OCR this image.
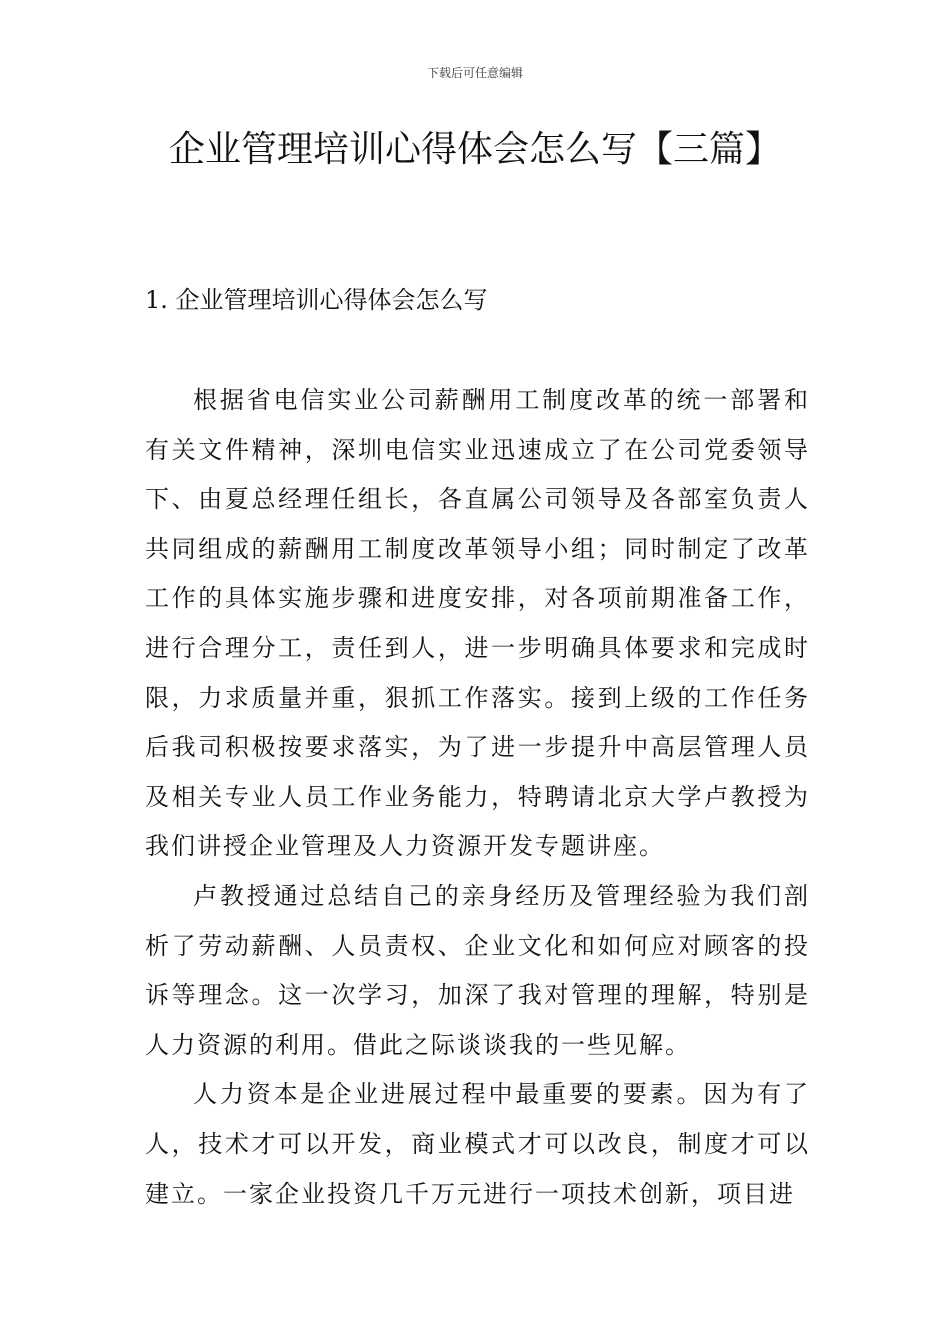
下载后可任意编辑
企业管理培训心得体会怎么写【三篇】
1. 企业管理培训心得体会怎么写

根据省电信实业公司薪酬用工制度改革的统一部署和有关文件精神，深圳电信实业迅速成立了在公司党委领导下、由夏总经理任组长，各直属公司领导及各部室负责人共同组成的薪酬用工制度改革领导小组；同时制定了改革工作的具体实施步骤和进度安排，对各项前期准备工作，进行合理分工，责任到人，进一步明确具体要求和完成时限，力求质量并重，狠抓工作落实。接到上级的工作任务后我司积极按要求落实，为了进一步提升中高层管理人员及相关专业人员工作业务能力，特聘请北京大学卢教授为我们讲授企业管理及人力资源开发专题讲座。

卢教授通过总结自己的亲身经历及管理经验为我们剖析了劳动薪酬、人员责权、企业文化和如何应对顾客的投诉等理念。这一次学习，加深了我对管理的理解，特别是人力资源的利用。借此之际谈谈我的一些见解。

人力资本是企业进展过程中最重要的要素。因为有了人，技术才可以开发，商业模式才可以改良，制度才可以建立。一家企业投资几千万元进行一项技术创新，项目进
